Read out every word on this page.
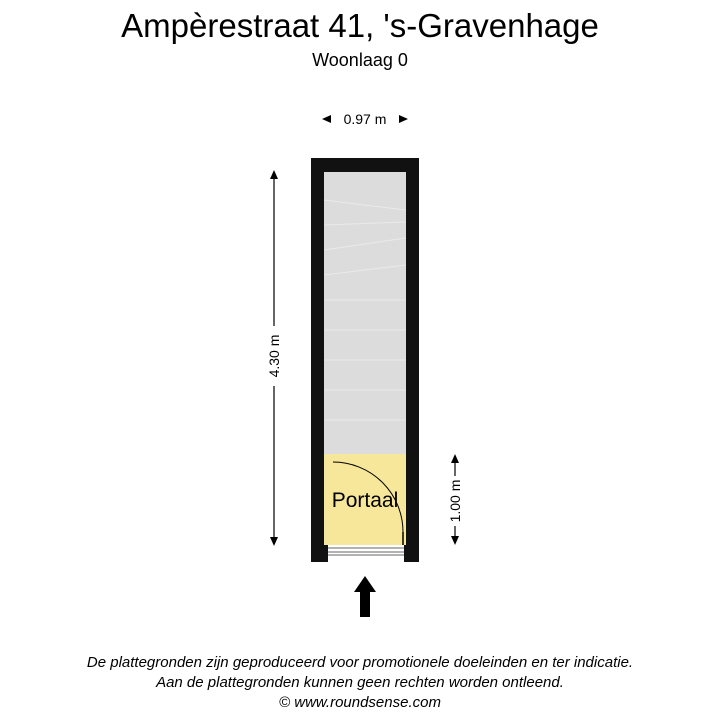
Ampèrestraat 41, 's-Gravenhage
Woonlaag 0
0.97 m
4.30 m
Portaal	1.00 m
De plattegronden zijn geproduceerd voor promotionele doeleinden en ter indicatie.
Aan de plattegronden kunnen geen rechten worden ontleend.
© www.roundsense.com
